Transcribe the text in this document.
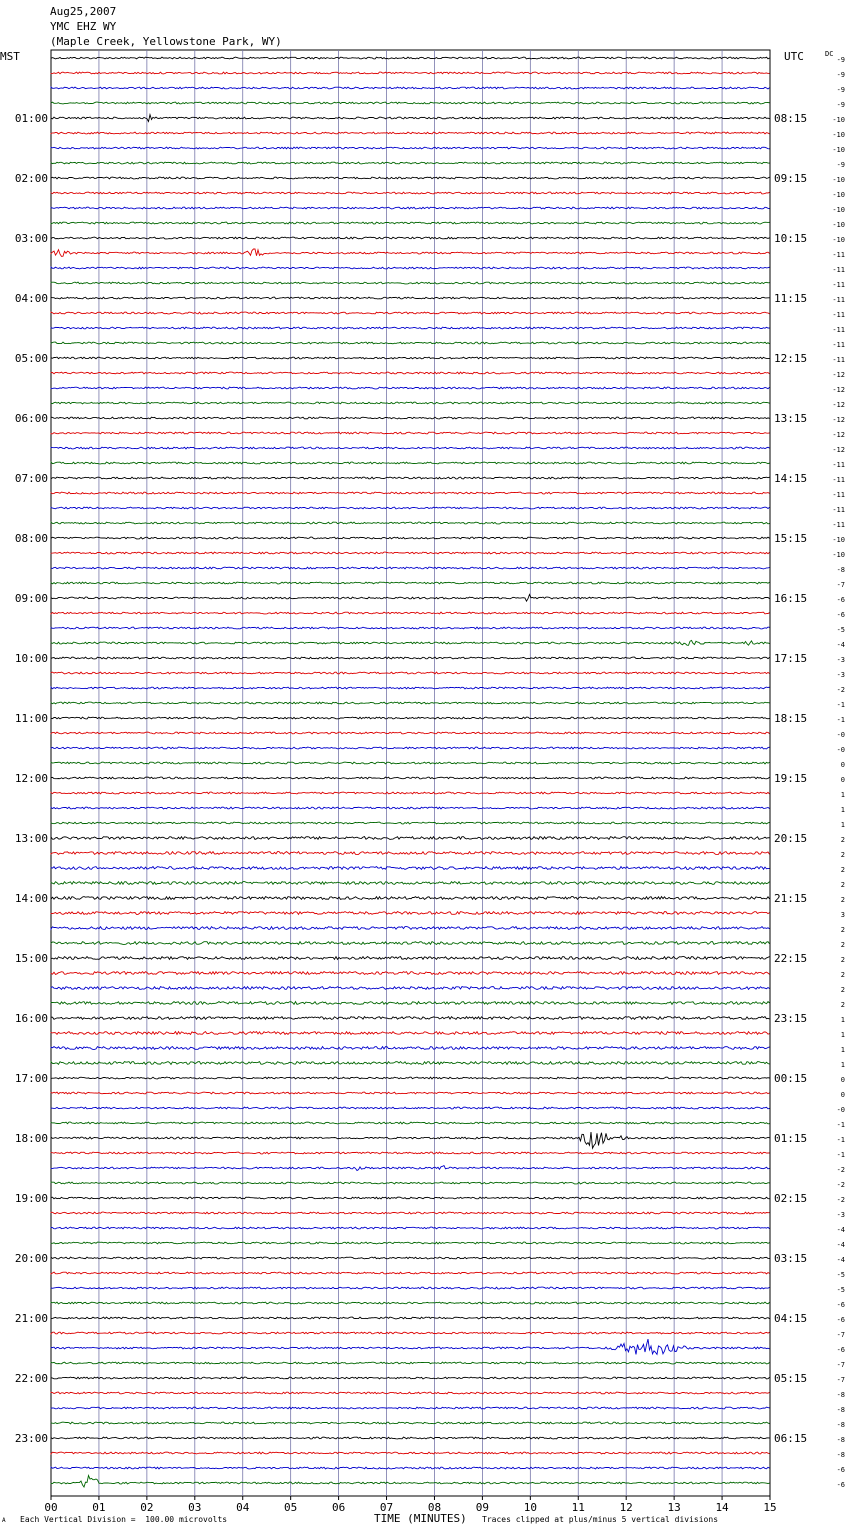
Aug25,2007
YMC EHZ WY
(Maple Creek, Yellowstone Park, WY)
MST	UTC	DC
00	01	02	03	04	05	06	07	08	09	10	11	12	13	14	15
-9
-9
-9
-9
-10
01:00	08:15
-10
-10
-9
-10
02:00	09:15
-10
-10
-10
-10
03:00	10:15
-11
-11
-11
-11
04:00	11:15
-11
-11
-11
-11
05:00	12:15
-12
-12
-12
-12
06:00	13:15
-12
-12
-11
-11
07:00	14:15
-11
-11
-11
-10
08:00	15:15
-10
-8
-7
-6
09:00	16:15
-6
-5
-4
-3
10:00	17:15
-3
-2
-1
-1
11:00	18:15
-0
-0
0
0
12:00	19:15
1
1
1
2
13:00	20:15
2
2
2
2
14:00	21:15
3
2
2
2
15:00	22:15
2
2
2
1
16:00	23:15
1
1
1
0
17:00	00:15
0
-0
-1
-1
18:00	01:15
-1
-2
-2
-2
19:00	02:15
-3
-4
-4
-4
20:00	03:15
-5
-5
-6
-6
21:00	04:15
-7
-6
-7
-7
22:00	05:15
-8
-8
-8
-8
23:00	06:15
-8
-6
-6
A Each Vertical Division =  100.00 microvolts	TIME (MINUTES) Traces clipped at plus/minus 5 vertical divisions
